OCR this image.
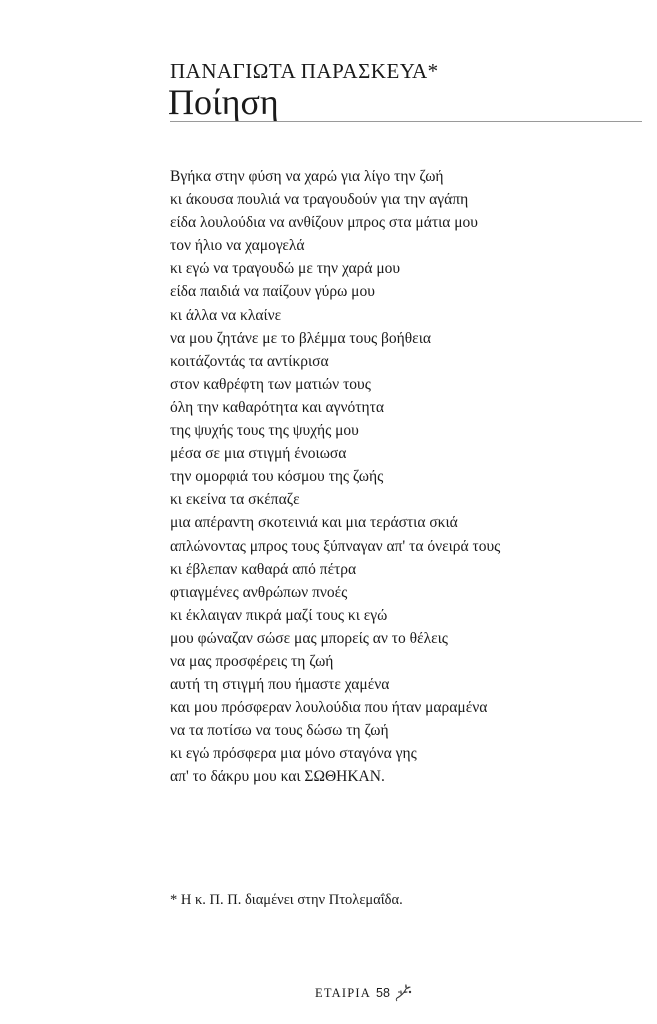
ΠΑΝΑΓΙΩΤΑ ΠΑΡΑΣΚΕΥΑ*
Ποίηση
Βγήκα στην φύση να χαρώ για λίγο την ζωή
κι άκουσα πουλιά να τραγουδούν για την αγάπη
είδα λουλούδια να ανθίζουν μπρος στα μάτια μου
τον ήλιο να χαμογελά
κι εγώ να τραγουδώ με την χαρά μου
είδα παιδιά να παίζουν γύρω μου
κι άλλα να κλαίνε
να μου ζητάνε με το βλέμμα τους βοήθεια
κοιτάζοντάς τα αντίκρισα
στον καθρέφτη των ματιών τους
όλη την καθαρότητα και αγνότητα
της ψυχής τους της ψυχής μου
μέσα σε μια στιγμή ένοιωσα
την ομορφιά του κόσμου της ζωής
κι εκείνα τα σκέπαζε
μια απέραντη σκοτεινιά και μια τεράστια σκιά
απλώνοντας μπρος τους ξύπναγαν απ' τα όνειρά τους
κι έβλεπαν καθαρά από πέτρα
φτιαγμένες ανθρώπων πνοές
κι έκλαιγαν πικρά μαζί τους κι εγώ
μου φώναζαν σώσε μας μπορείς αν το θέλεις
να μας προσφέρεις τη ζωή
αυτή τη στιγμή που ήμαστε χαμένα
και μου πρόσφεραν λουλούδια που ήταν μαραμένα
να τα ποτίσω να τους δώσω τη ζωή
κι εγώ πρόσφερα μια μόνο σταγόνα γης
απ' το δάκρυ μου και ΣΩΘΗΚΑΝ.
* Η κ. Π. Π. διαμένει στην Πτολεμαΐδα.
ΕΤΑΙΡΙΑ 58
